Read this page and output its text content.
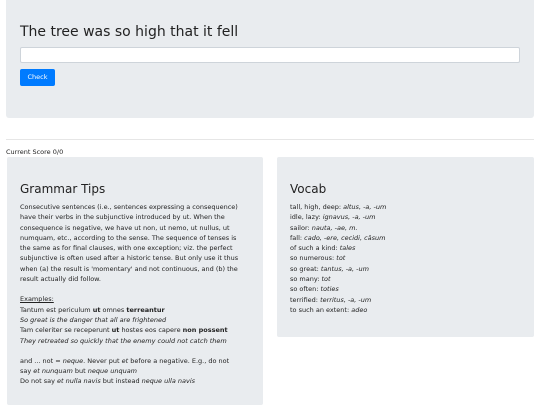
The tree was so high that it fell
Check
Current Score 0/0
Grammar Tips
Consecutive sentences (i.e., sentences expressing a consequence)
have their verbs in the subjunctive introduced by ut. When the
consequence is negative, we have ut non, ut nemo, ut nullus, ut
numquam, etc., according to the sense. The sequence of tenses is
the same as for final clauses, with one exception; viz. the perfect
subjunctive is often used after a historic tense. But only use it thus
when (a) the result is 'momentary' and not continuous, and (b) the
result actually did follow.
Examples:
Tantum est periculum ut omnes terreantur
So great is the danger that all are frightened
Tam celeriter se receperunt ut hostes eos capere non possent
They retreated so quickly that the enemy could not catch them
and ... not = neque. Never put et before a negative. E.g., do not
say et nunquam but neque unquam
Do not say et nulla navis but instead neque ulla navis
Vocab
tall, high, deep: altus, -a, -um
idle, lazy: ignavus, -a, -um
sailor: nauta, -ae, m.
fall: cado, -ere, cecidi, cāsum
of such a kind: tales
so numerous: tot
so great: tantus, -a, -um
so many: tot
so often: toties
terrified: territus, -a, -um
to such an extent: adeo
